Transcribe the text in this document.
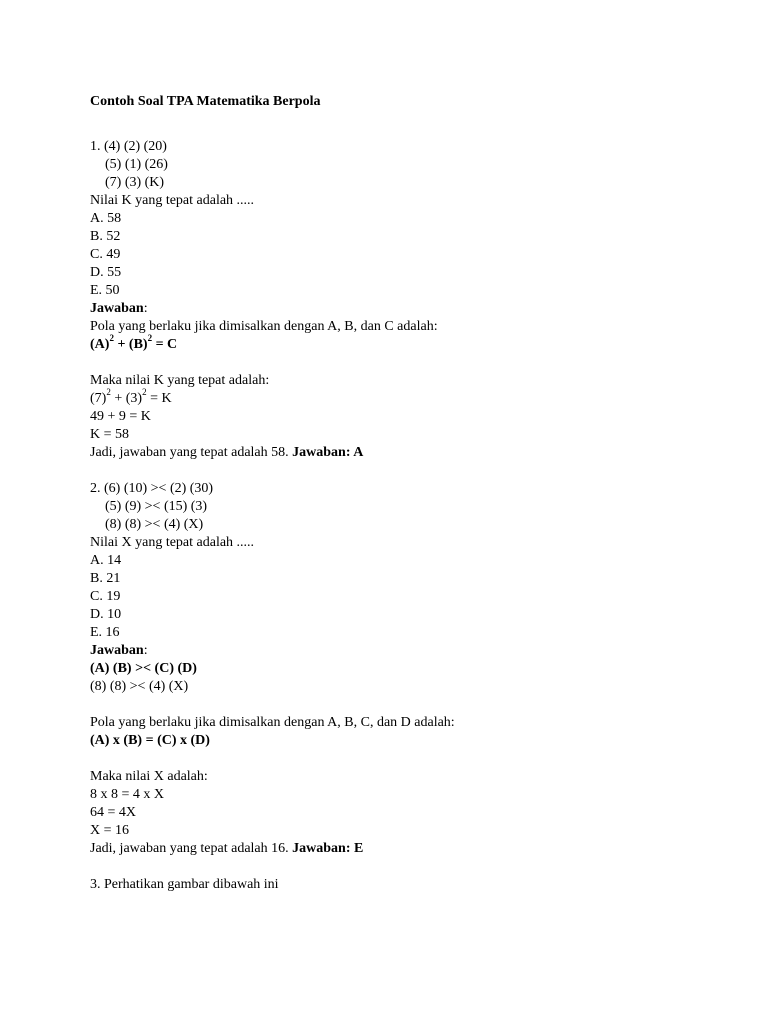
Contoh Soal TPA Matematika Berpola
1. (4) (2) (20)
(5) (1) (26)
(7) (3) (K)
Nilai K yang tepat adalah .....
A. 58
B. 52
C. 49
D. 55
E. 50
Jawaban:
Pola yang berlaku jika dimisalkan dengan A, B, dan C adalah:
$(A)^2 + (B)^2 = C$
Maka nilai K yang tepat adalah:
$(7)^2 + (3)^2 = K$
49 + 9 = K
K = 58
Jadi, jawaban yang tepat adalah 58. Jawaban: A
2. (6) (10) >< (2) (30)
(5) (9) >< (15) (3)
(8) (8) >< (4) (X)
Nilai X yang tepat adalah .....
A. 14
B. 21
C. 19
D. 10
E. 16
Jawaban:
(A) (B) >< (C) (D)
(8) (8) >< (4) (X)
Pola yang berlaku jika dimisalkan dengan A, B, C, dan D adalah:
(A) x (B) = (C) x (D)
Maka nilai X adalah:
8 x 8 = 4 x X
64 = 4X
X = 16
Jadi, jawaban yang tepat adalah 16. Jawaban: E
3. Perhatikan gambar dibawah ini
